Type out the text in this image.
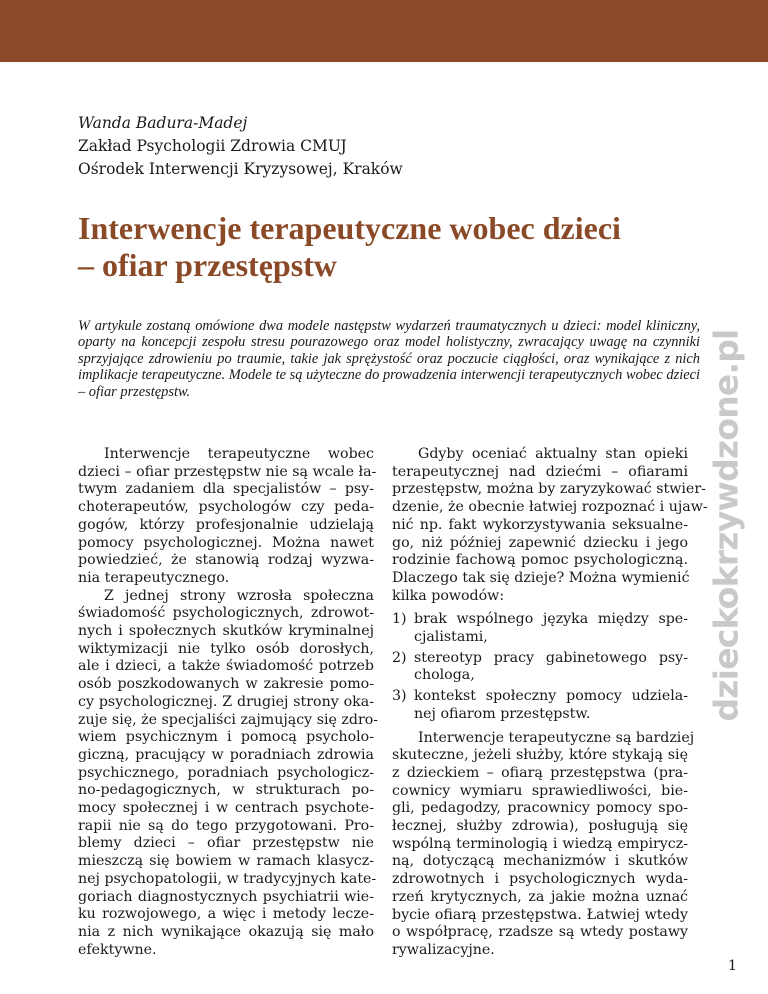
Wanda Badura-Madej
Zakład Psychologii Zdrowia CMUJ
Ośrodek Interwencji Kryzysowej, Kraków
Interwencje terapeutyczne wobec dzieci
– ofiar przestępstw

W artykule zostaną omówione dwa modele następstw wydarzeń traumatycznych u dzieci: model kliniczny, oparty na koncepcji zespołu stresu pourazowego oraz model holistyczny, zwracający uwagę na czynniki sprzyjające zdrowieniu po traumie, takie jak sprężystość oraz poczucie ciągłości, oraz wynikające z nich implikacje terapeutyczne. Modele te są użyteczne do prowadzenia interwencji terapeutycznych wobec dzieci – ofiar przestępstw.	dzieckokrzywdzone.pl
Interwencje terapeutyczne wobec
dzieci – ofiar przestępstw nie są wcale ła-
twym zadaniem dla specjalistów – psy-
choterapeutów, psychologów czy peda-
gogów, którzy profesjonalnie udzielają
pomocy psychologicznej. Można nawet
powiedzieć, że stanowią rodzaj wyzwa-
nia terapeutycznego.
Z jednej strony wzrosła społeczna
świadomość psychologicznych, zdrowot-
nych i społecznych skutków kryminalnej
wiktymizacji nie tylko osób dorosłych,
ale i dzieci, a także świadomość potrzeb
osób poszkodowanych w zakresie pomo-
cy psychologicznej. Z drugiej strony oka-
zuje się, że specjaliści zajmujący się zdro-
wiem psychicznym i pomocą psycholo-
giczną, pracujący w poradniach zdrowia
psychicznego, poradniach psychologicz-
no-pedagogicznych, w strukturach po-
mocy społecznej i w centrach psychote-
rapii nie są do tego przygotowani. Pro-
blemy dzieci – ofiar przestępstw nie
mieszczą się bowiem w ramach klasycz-
nej psychopatologii, w tradycyjnych kate-
goriach diagnostycznych psychiatrii wie-
ku rozwojowego, a więc i metody lecze-
nia z nich wynikające okazują się mało
efektywne.
Gdyby oceniać aktualny stan opieki
terapeutycznej nad dziećmi – ofiarami
przestępstw, można by zaryzykować stwier-
dzenie, że obecnie łatwiej rozpoznać i ujaw-
nić np. fakt wykorzystywania seksualne-
go, niż później zapewnić dziecku i jego
rodzinie fachową pomoc psychologiczną.
Dlaczego tak się dzieje? Można wymienić
kilka powodów:
1) brak wspólnego języka między spe-
cjalistami,
2) stereotyp pracy gabinetowego psy-
chologa,
3) kontekst społeczny pomocy udziela-
nej ofiarom przestępstw.
Interwencje terapeutyczne są bardziej
skuteczne, jeżeli służby, które stykają się
z dzieckiem – ofiarą przestępstwa (pra-
cownicy wymiaru sprawiedliwości, bie-
gli, pedagodzy, pracownicy pomocy spo-
łecznej, służby zdrowia), posługują się
wspólną terminologią i wiedzą empirycz-
ną, dotyczącą mechanizmów i skutków
zdrowotnych i psychologicznych wyda-
rzeń krytycznych, za jakie można uznać
bycie ofiarą przestępstwa. Łatwiej wtedy
o współpracę, rzadsze są wtedy postawy
rywalizacyjne.
1
